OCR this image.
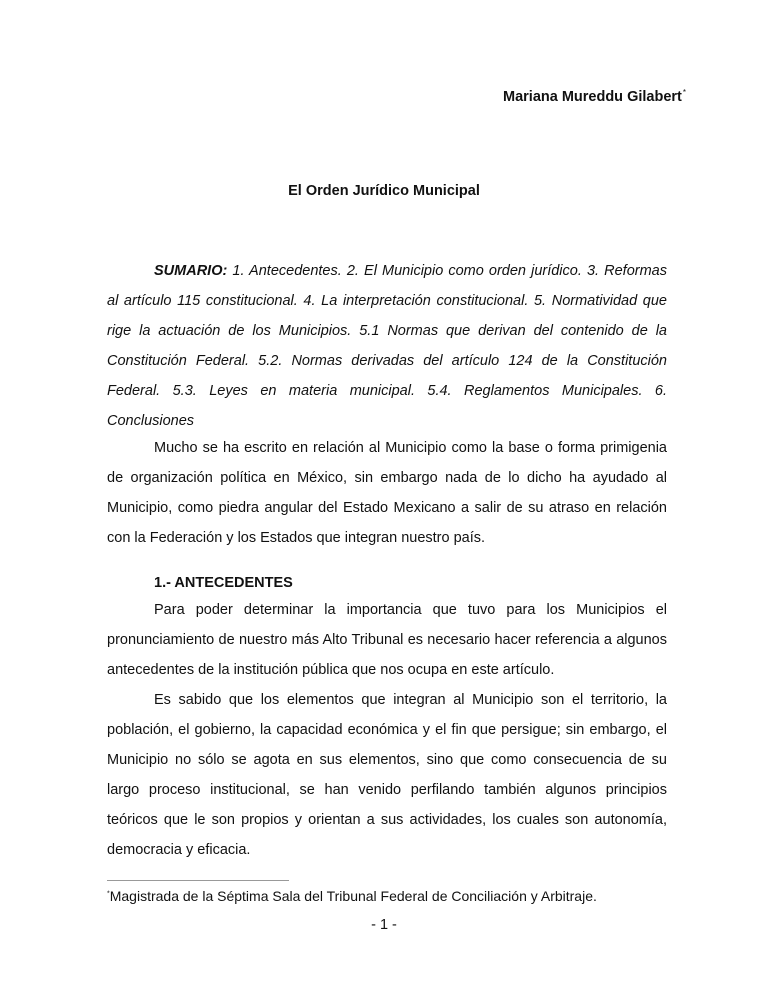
Mariana Mureddu Gilabert*
El Orden Jurídico Municipal

SUMARIO: 1. Antecedentes. 2. El Municipio como orden jurídico. 3. Reformas al artículo 115 constitucional. 4. La interpretación constitucional. 5. Normatividad que rige la actuación de los Municipios. 5.1 Normas que derivan del contenido de la Constitución Federal. 5.2. Normas derivadas del artículo 124 de la Constitución Federal. 5.3. Leyes en materia municipal. 5.4. Reglamentos Municipales. 6. Conclusiones

Mucho se ha escrito en relación al Municipio como la base o forma primigenia de organización política en México, sin embargo nada de lo dicho ha ayudado al Municipio, como piedra angular del Estado Mexicano a salir de su atraso en relación con la Federación y los Estados que integran nuestro país.

1.- ANTECEDENTES

Para poder determinar la importancia que tuvo para los Municipios el pronunciamiento de nuestro más Alto Tribunal es necesario hacer referencia a algunos antecedentes de la institución pública que nos ocupa en este artículo.

Es sabido que los elementos que integran al Municipio son el territorio, la población, el gobierno, la capacidad económica y el fin que persigue; sin embargo, el Municipio no sólo se agota en sus elementos, sino que como consecuencia de su largo proceso institucional, se han venido perfilando también algunos principios teóricos que le son propios y orientan a sus actividades, los cuales son autonomía, democracia y eficacia.

*Magistrada de la Séptima Sala del Tribunal Federal de Conciliación y Arbitraje.
- 1 -
